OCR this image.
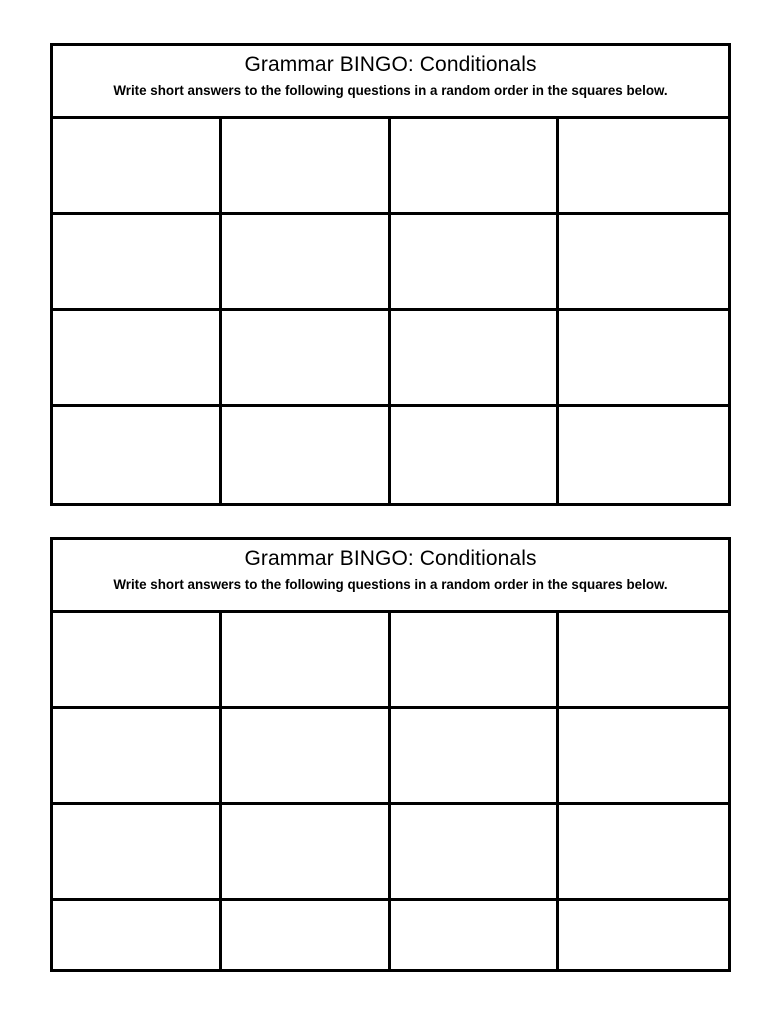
Grammar BINGO: Conditionals
Write short answers to the following questions in a random order in the squares below.
Grammar BINGO: Conditionals
Write short answers to the following questions in a random order in the squares below.
